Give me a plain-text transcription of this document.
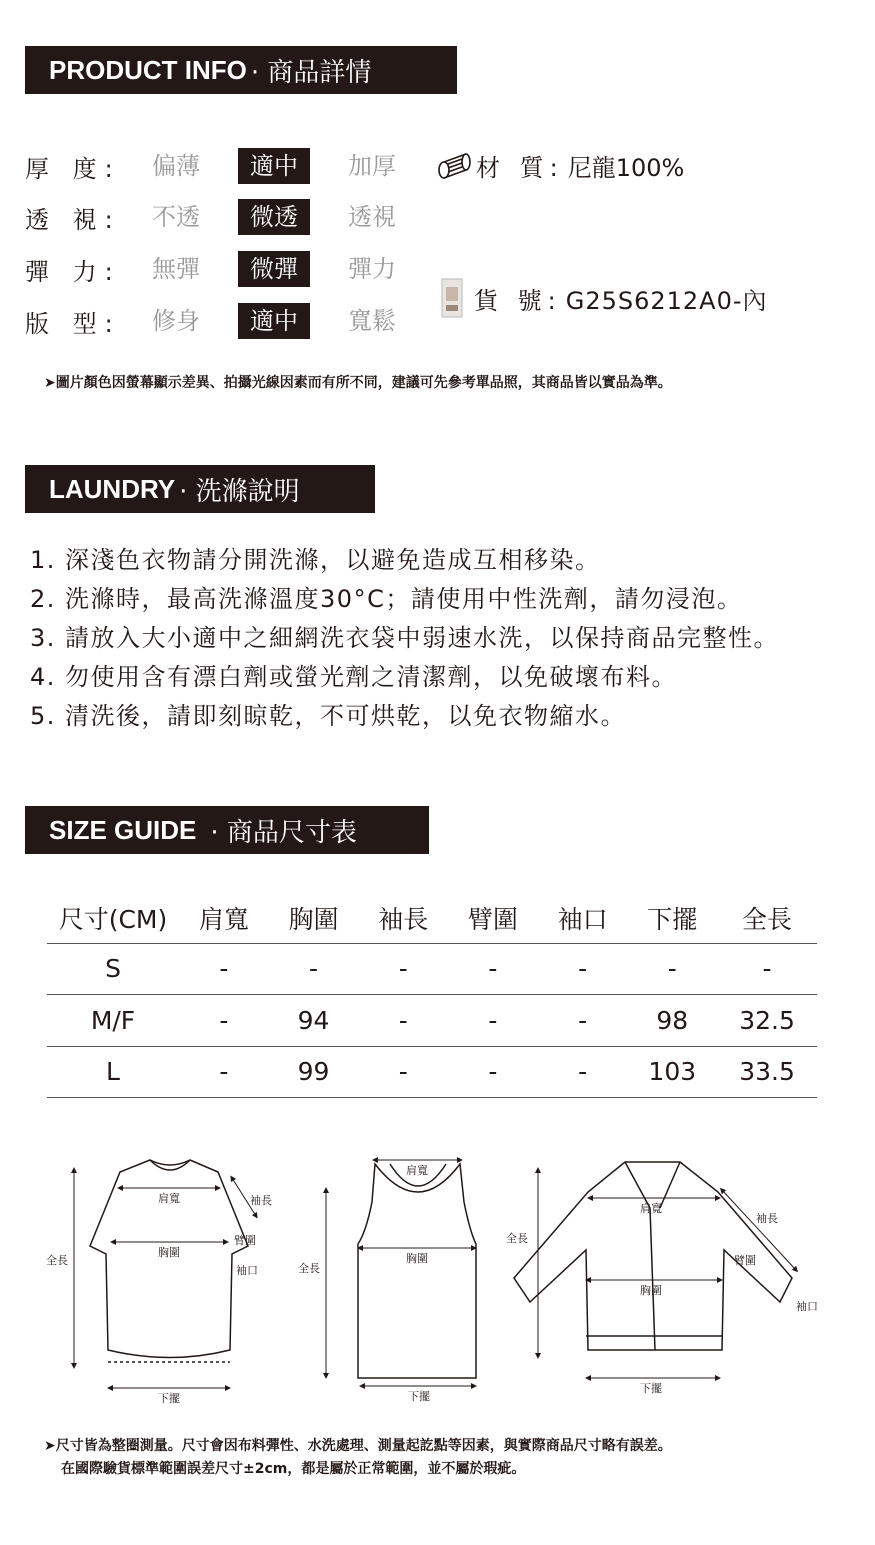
PRODUCT INFO · 商品詳情
厚 度:	偏薄	適中	加厚
透 視:	不透	微透	透視
彈 力:	無彈	微彈	彈力
版 型:	修身	適中	寬鬆
材 質: 尼龍100%
貨 號: G25S6212A0-內
➤圖片顏色因螢幕顯示差異、拍攝光線因素而有所不同，建議可先參考單品照，其商品皆以實品為準。
LAUNDRY · 洗滌說明
1. 深淺色衣物請分開洗滌，以避免造成互相移染。
2. 洗滌時，最高洗滌溫度30°C；請使用中性洗劑，請勿浸泡。
3. 請放入大小適中之細網洗衣袋中弱速水洗，以保持商品完整性。
4. 勿使用含有漂白劑或螢光劑之清潔劑，以免破壞布料。
5. 清洗後，請即刻晾乾，不可烘乾，以免衣物縮水。
SIZE GUIDE · 商品尺寸表
尺寸(CM)	肩寬	胸圍	袖長	臂圍	袖口	下擺	全長
S	-	-	-	-	-	-	-
M/F	-	94	-	-	-	98	32.5
L	-	99	-	-	-	103	33.5
肩寬
胸圍
袖長
臂圍
袖口
全長
下擺
肩寬
胸圍
全長
下擺
肩寬
胸圍
袖長
臂圍
袖口
全長
下擺
➤尺寸皆為整圈測量。尺寸會因布料彈性、水洗處理、測量起訖點等因素，與實際商品尺寸略有誤差。
在國際驗貨標準範圍誤差尺寸±2cm，都是屬於正常範圍，並不屬於瑕疵。
